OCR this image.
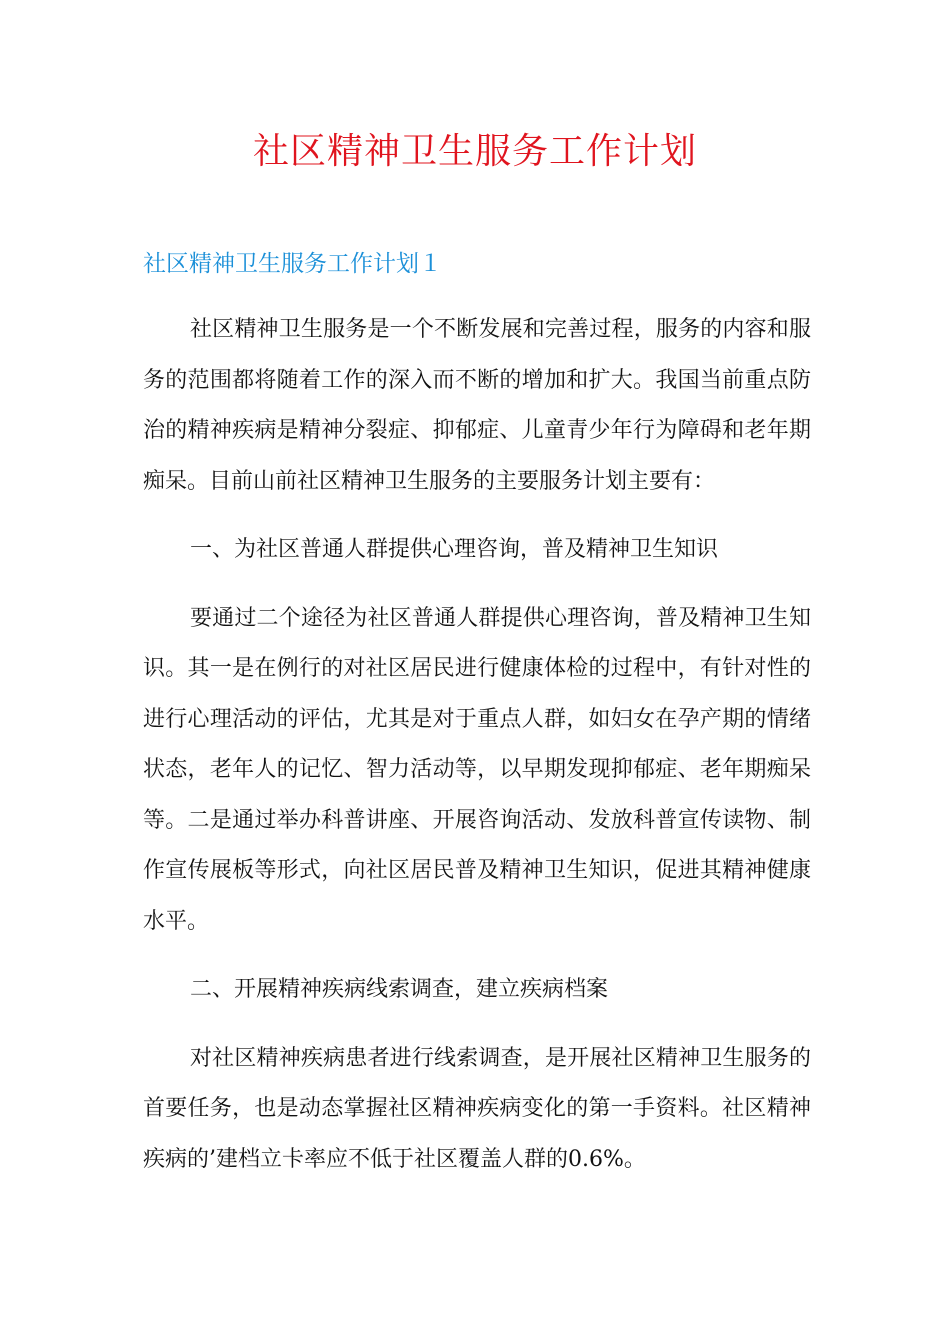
社区精神卫生服务工作计划
社区精神卫生服务工作计划１

社区精神卫生服务是一个不断发展和完善过程，服务的内容和服务的范围都将随着工作的深入而不断的增加和扩大。我国当前重点防治的精神疾病是精神分裂症、抑郁症、儿童青少年行为障碍和老年期痴呆。目前山前社区精神卫生服务的主要服务计划主要有：

一、为社区普通人群提供心理咨询，普及精神卫生知识

要通过二个途径为社区普通人群提供心理咨询，普及精神卫生知识。其一是在例行的对社区居民进行健康体检的过程中，有针对性的进行心理活动的评估，尤其是对于重点人群，如妇女在孕产期的情绪状态，老年人的记忆、智力活动等，以早期发现抑郁症、老年期痴呆等。二是通过举办科普讲座、开展咨询活动、发放科普宣传读物、制作宣传展板等形式，向社区居民普及精神卫生知识，促进其精神健康水平。

二、开展精神疾病线索调查，建立疾病档案

对社区精神疾病患者进行线索调查，是开展社区精神卫生服务的首要任务，也是动态掌握社区精神疾病变化的第一手资料。社区精神疾病的’建档立卡率应不低于社区覆盖人群的0.6%。
